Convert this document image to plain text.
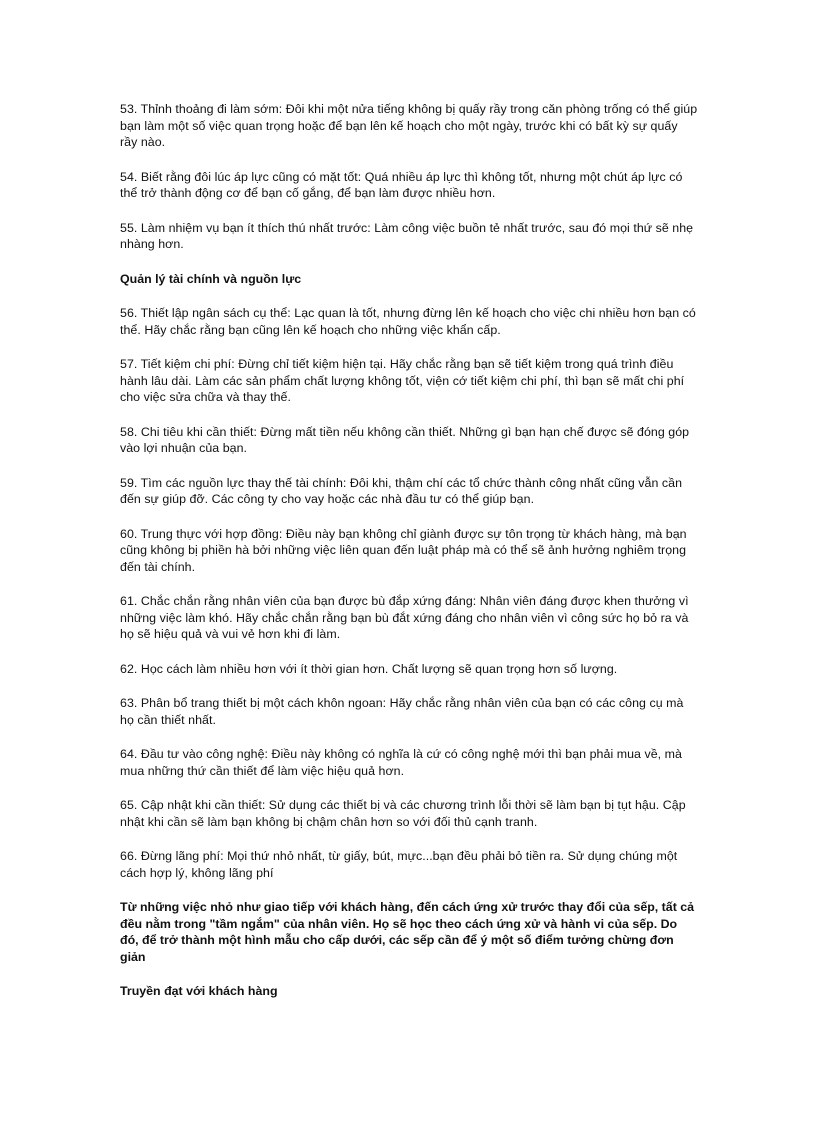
53. Thỉnh thoảng đi làm sớm: Đôi khi một nửa tiếng không bị quấy rầy trong căn phòng trống có thể giúp bạn làm một số việc quan trọng hoặc để bạn lên kế hoạch cho một ngày, trước khi có bất kỳ sự quấy rầy nào.

54. Biết rằng đôi lúc áp lực cũng có mặt tốt: Quá nhiều áp lực thì không tốt, nhưng một chút áp lực có thể trở thành động cơ để bạn cố gắng, để bạn làm được nhiều hơn.

55. Làm nhiệm vụ bạn ít thích thú nhất trước: Làm công việc buồn tẻ nhất trước, sau đó mọi thứ sẽ nhẹ nhàng hơn.

Quản lý tài chính và nguồn lực

56. Thiết lập ngân sách cụ thể: Lạc quan là tốt, nhưng đừng lên kế hoạch cho việc chi nhiều hơn bạn có thể. Hãy chắc rằng bạn cũng lên kế hoạch cho những việc khẩn cấp.

57. Tiết kiệm chi phí: Đừng chỉ tiết kiệm hiện tại. Hãy chắc rằng bạn sẽ tiết kiệm trong quá trình điều hành lâu dài. Làm các sản phẩm chất lượng không tốt, viện cớ tiết kiệm chi phí, thì bạn sẽ mất chi phí cho việc sửa chữa và thay thế.

58. Chi tiêu khi cần thiết: Đừng mất tiền nếu không cần thiết. Những gì bạn hạn chế được sẽ đóng góp vào lợi nhuận của bạn.

59. Tìm các nguồn lực thay thế tài chính: Đôi khi, thậm chí các tổ chức thành công nhất cũng vẫn cần đến sự giúp đỡ. Các công ty cho vay hoặc các nhà đầu tư có thể giúp bạn.

60. Trung thực với hợp đồng: Điều này bạn không chỉ giành được sự tôn trọng từ khách hàng, mà bạn cũng không bị phiền hà bởi những việc liên quan đến luật pháp mà có thể sẽ ảnh hưởng nghiêm trọng đến tài chính.

61. Chắc chắn rằng nhân viên của bạn được bù đắp xứng đáng: Nhân viên đáng được khen thưởng vì những việc làm khó. Hãy chắc chắn rằng bạn bù đắt xứng đáng cho nhân viên vì công sức họ bỏ ra và họ sẽ hiệu quả và vui vẻ hơn khi đi làm.

62. Học cách làm nhiều hơn với ít thời gian hơn. Chất lượng sẽ quan trọng hơn số lượng.

63. Phân bổ trang thiết bị một cách khôn ngoan: Hãy chắc rằng nhân viên của bạn có các công cụ mà họ cần thiết nhất.

64. Đầu tư vào công nghệ: Điều này không có nghĩa là cứ có công nghệ mới thì bạn phải mua về, mà mua những thứ cần thiết để làm việc hiệu quả hơn.

65. Cập nhật khi cần thiết: Sử dụng các thiết bị và các chương trình lỗi thời sẽ làm bạn bị tụt hậu. Cập nhật khi cần sẽ làm bạn không bị chậm chân hơn so với đối thủ cạnh tranh.

66. Đừng lãng phí: Mọi thứ nhỏ nhất, từ giấy, bút, mực...bạn đều phải bỏ tiền ra. Sử dụng chúng một cách hợp lý, không lãng phí

Từ những việc nhỏ như giao tiếp với khách hàng, đến cách ứng xử trước thay đổi của sếp, tất cả đều nằm trong "tầm ngắm" của nhân viên. Họ sẽ học theo cách ứng xử và hành vi của sếp. Do đó, để trở thành một hình mẫu cho cấp dưới, các sếp cần để ý một số điểm tưởng chừng đơn giản

Truyền đạt với khách hàng
